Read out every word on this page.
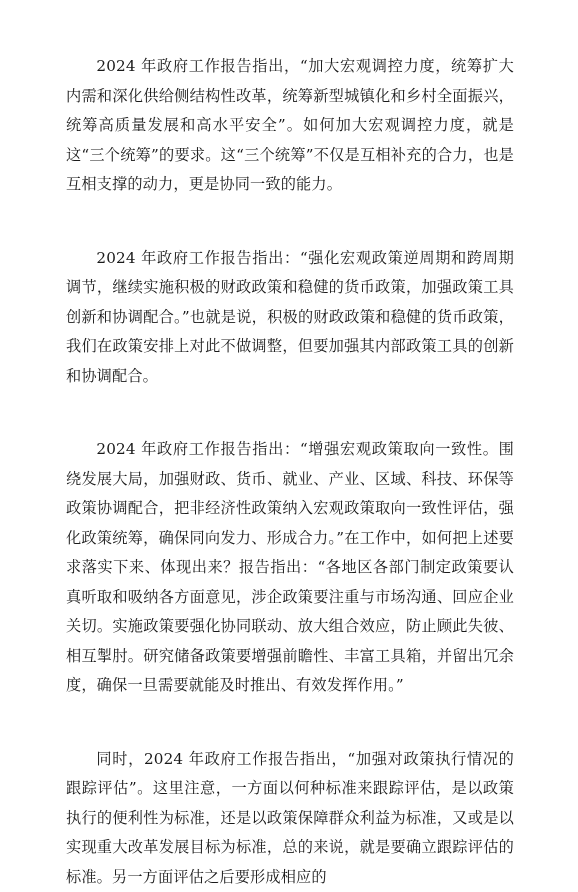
2024 年政府工作报告指出，“加大宏观调控力度，统筹扩大内需和深化供给侧结构性改革，统筹新型城镇化和乡村全面振兴，统筹高质量发展和高水平安全”。如何加大宏观调控力度，就是这“三个统筹”的要求。这“三个统筹”不仅是互相补充的合力，也是互相支撑的动力，更是协同一致的能力。

2024 年政府工作报告指出：“强化宏观政策逆周期和跨周期调节，继续实施积极的财政政策和稳健的货币政策，加强政策工具创新和协调配合。”也就是说，积极的财政政策和稳健的货币政策，我们在政策安排上对此不做调整，但要加强其内部政策工具的创新和协调配合。

2024 年政府工作报告指出：“增强宏观政策取向一致性。围绕发展大局，加强财政、货币、就业、产业、区域、科技、环保等政策协调配合，把非经济性政策纳入宏观政策取向一致性评估，强化政策统筹，确保同向发力、形成合力。”在工作中，如何把上述要求落实下来、体现出来？报告指出：“各地区各部门制定政策要认真听取和吸纳各方面意见，涉企政策要注重与市场沟通、回应企业关切。实施政策要强化协同联动、放大组合效应，防止顾此失彼、相互掣肘。研究储备政策要增强前瞻性、丰富工具箱，并留出冗余度，确保一旦需要就能及时推出、有效发挥作用。”

同时，2024 年政府工作报告指出，“加强对政策执行情况的跟踪评估”。这里注意，一方面以何种标准来跟踪评估，是以政策执行的便利性为标准，还是以政策保障群众利益为标准，又或是以实现重大改革发展目标为标准，总的来说，就是要确立跟踪评估的标准。另一方面评估之后要形成相应的
